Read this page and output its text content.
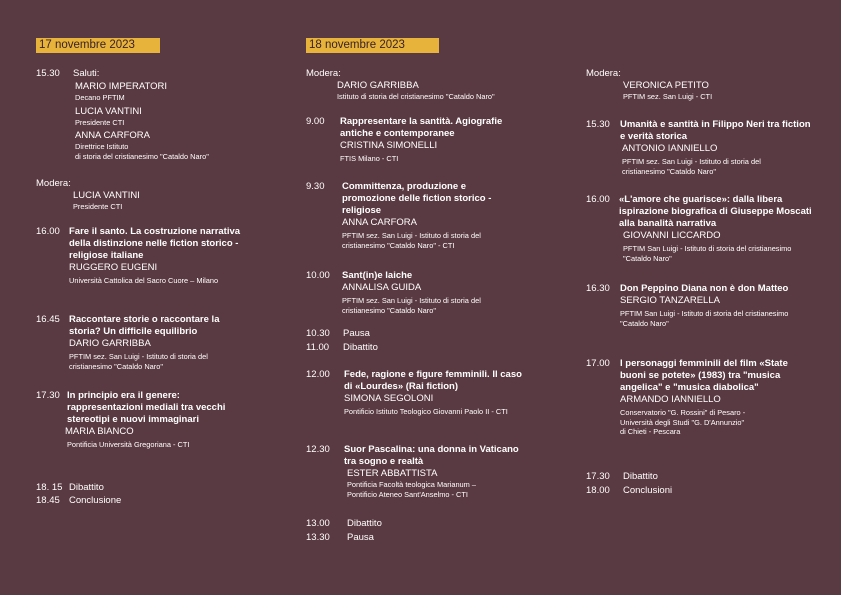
17 novembre 2023	18 novembre 2023
15.30 Saluti:
MARIO IMPERATORI
Decano PFTIM
LUCIA VANTINI
Presidente CTI
ANNA CARFORA
Direttrice Istituto
di storia del cristianesimo "Cataldo Naro"
Modera:
LUCIA VANTINI
Presidente CTI
16.00 Fare il santo. La costruzione narrativa della distinzione nelle fiction storico - religiose italiane
RUGGERO EUGENI
Università Cattolica del Sacro Cuore – Milano
16.45 Raccontare storie o raccontare la storia? Un difficile equilibrio
DARIO GARRIBBA
PFTIM sez. San Luigi - Istituto di storia del cristianesimo "Cataldo Naro"
17.30 In principio era il genere: rappresentazioni mediali tra vecchi stereotipi e nuovi immaginari
MARIA BIANCO
Pontificia Università Gregoriana - CTI
18. 15 Dibattito
18.45 Conclusione
Modera:
DARIO GARRIBBA
Istituto di storia del cristianesimo "Cataldo Naro"
9.00 Rappresentare la santità. Agiografie antiche e contemporanee
CRISTINA SIMONELLI
FTIS Milano - CTI
9.30 Committenza, produzione e promozione delle fiction storico - religiose
ANNA CARFORA
PFTIM sez. San Luigi - Istituto di storia del cristianesimo "Cataldo Naro" - CTI
10.00 Sant(in)e laiche
ANNALISA GUIDA
PFTIM sez. San Luigi - Istituto di storia del cristianesimo "Cataldo Naro"
10.30 Pausa
11.00 Dibattito
12.00 Fede, ragione e figure femminili. Il caso di «Lourdes» (Rai fiction)
SIMONA SEGOLONI
Pontificio Istituto Teologico Giovanni Paolo II - CTI
12.30 Suor Pascalina: una donna in Vaticano tra sogno e realtà
ESTER ABBATTISTA
Pontificia Facoltà teologica Marianum –
Pontificio Ateneo Sant'Anselmo - CTI
13.00 Dibattito
13.30 Pausa
Modera:
VERONICA PETITO
PFTIM sez. San Luigi - CTI
15.30 Umanità e santità in Filippo Neri tra fiction e verità storica
ANTONIO IANNIELLO
PFTIM sez. San Luigi - Istituto di storia del cristianesimo "Cataldo Naro"
16.00 «L'amore che guarisce»: dalla libera ispirazione biografica di Giuseppe Moscati alla banalità narrativa
GIOVANNI LICCARDO
PFTIM San Luigi - Istituto di storia del cristianesimo "Cataldo Naro"
16.30 Don Peppino Diana non è don Matteo
SERGIO TANZARELLA
PFTIM San Luigi - Istituto di storia del cristianesimo "Cataldo Naro"
17.00 I personaggi femminili del film «State buoni se potete» (1983) tra "musica angelica" e "musica diabolica"
ARMANDO IANNIELLO
Conservatorio "G. Rossini" di Pesaro -
Università degli Studi "G. D'Annunzio"
di Chieti - Pescara
17.30 Dibattito
18.00 Conclusioni
